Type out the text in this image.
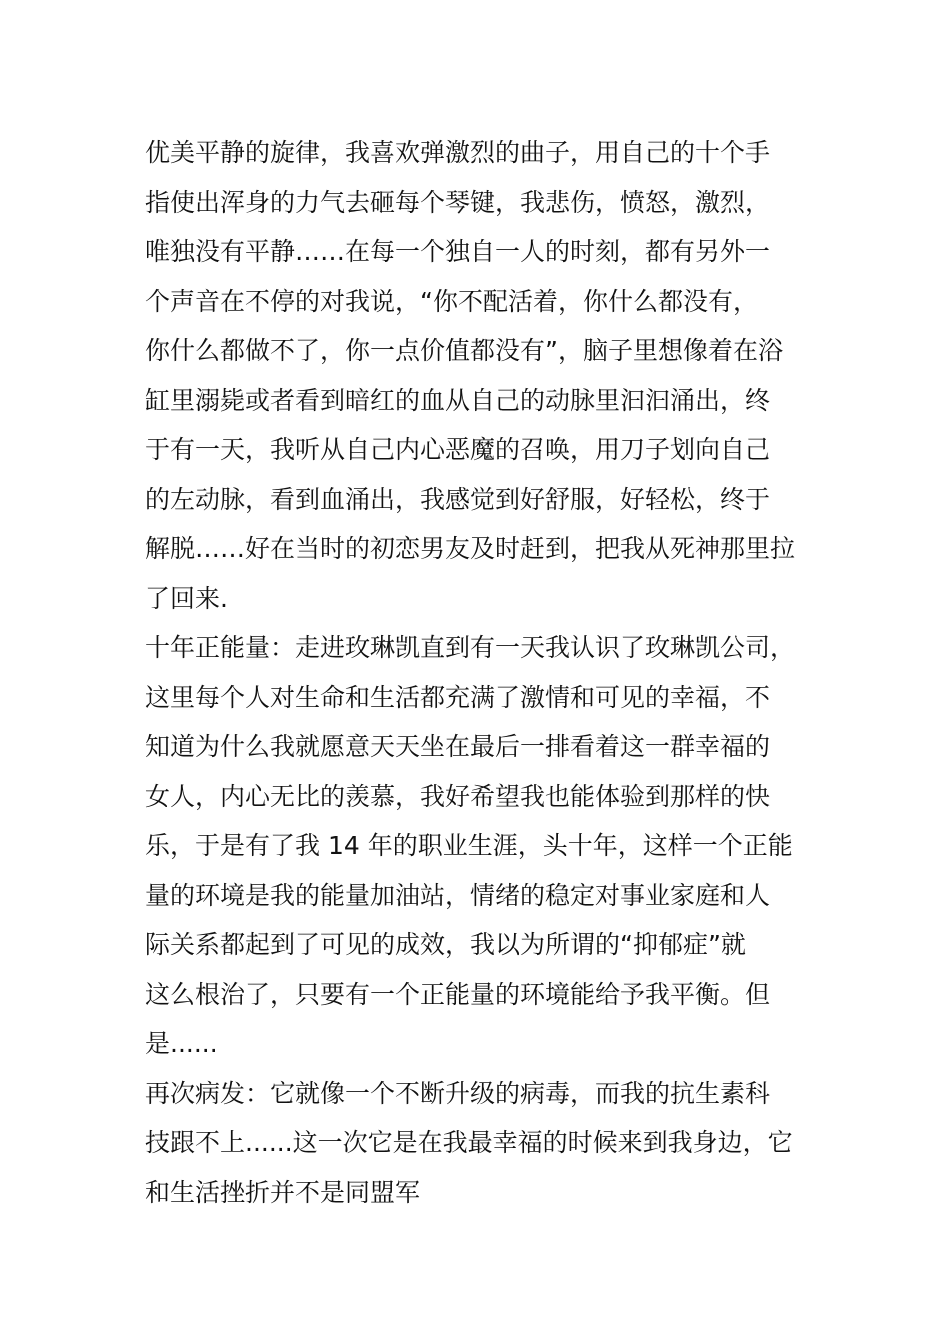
优美平静的旋律，我喜欢弹激烈的曲子，用自己的十个手
指使出浑身的力气去砸每个琴键，我悲伤，愤怒，激烈，
唯独没有平静……在每一个独自一人的时刻，都有另外一
个声音在不停的对我说，“你不配活着，你什么都没有，
你什么都做不了，你一点价值都没有”，脑子里想像着在浴
缸里溺毙或者看到暗红的血从自己的动脉里汩汩涌出，终
于有一天，我听从自己内心恶魔的召唤，用刀子划向自己
的左动脉，看到血涌出，我感觉到好舒服，好轻松，终于
解脱……好在当时的初恋男友及时赶到，把我从死神那里拉
了回来.
十年正能量：走进玫琳凯直到有一天我认识了玫琳凯公司，
这里每个人对生命和生活都充满了激情和可见的幸福，不
知道为什么我就愿意天天坐在最后一排看着这一群幸福的
女人，内心无比的羡慕，我好希望我也能体验到那样的快
乐，于是有了我 14 年的职业生涯，头十年，这样一个正能
量的环境是我的能量加油站，情绪的稳定对事业家庭和人
际关系都起到了可见的成效，我以为所谓的“抑郁症”就
这么根治了，只要有一个正能量的环境能给予我平衡。但
是......
再次病发：它就像一个不断升级的病毒，而我的抗生素科
技跟不上......这一次它是在我最幸福的时候来到我身边，它
和生活挫折并不是同盟军
